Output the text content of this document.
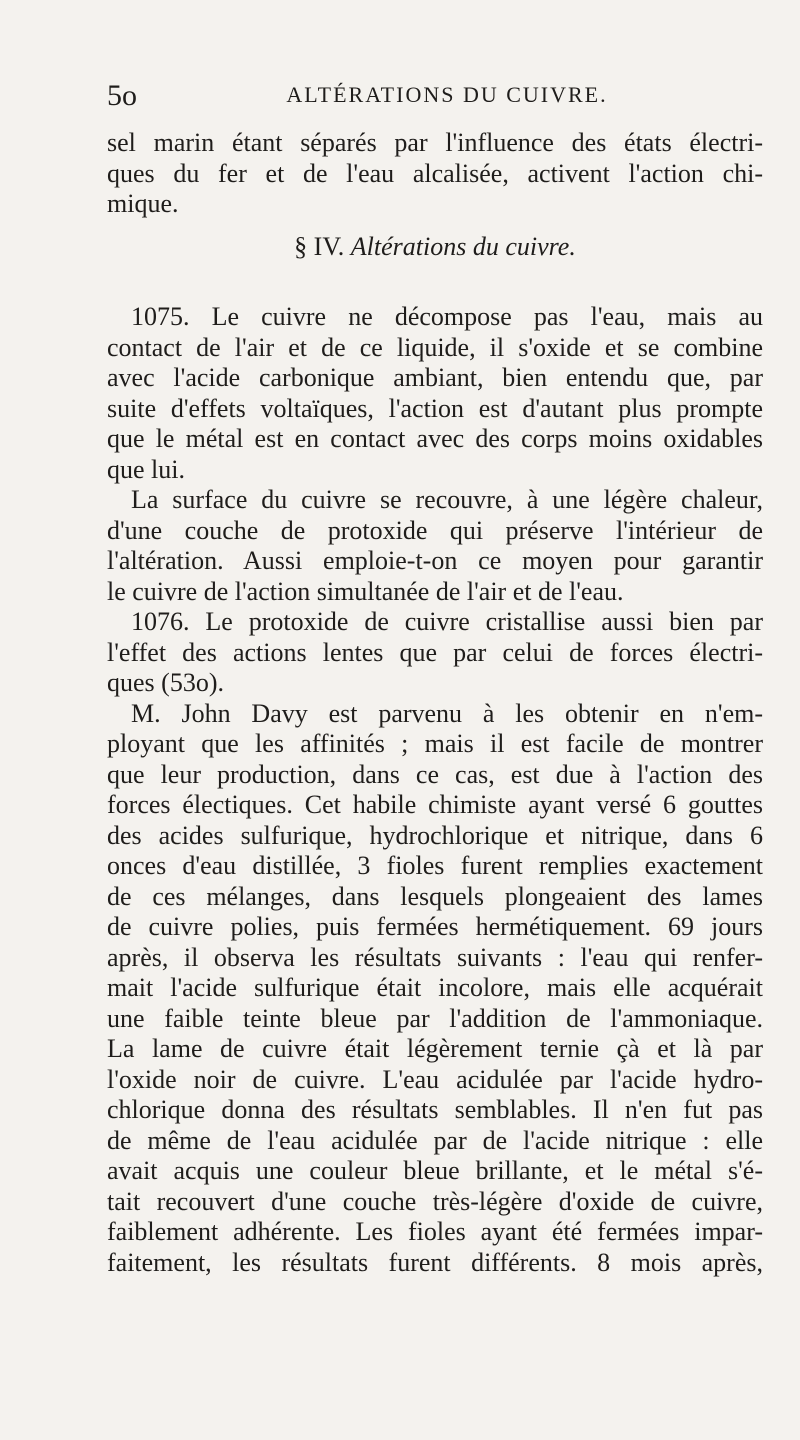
5o	ALTÉRATIONS DU CUIVRE.
sel marin étant séparés par l'influence des états électri-
ques du fer et de l'eau alcalisée, activent l'action chi-
mique.
§ IV. Altérations du cuivre.
1075. Le cuivre ne décompose pas l'eau, mais au
contact de l'air et de ce liquide, il s'oxide et se combine
avec l'acide carbonique ambiant, bien entendu que, par
suite d'effets voltaïques, l'action est d'autant plus prompte
que le métal est en contact avec des corps moins oxidables
que lui.
La surface du cuivre se recouvre, à une légère chaleur,
d'une couche de protoxide qui préserve l'intérieur de
l'altération. Aussi emploie-t-on ce moyen pour garantir
le cuivre de l'action simultanée de l'air et de l'eau.
1076. Le protoxide de cuivre cristallise aussi bien par
l'effet des actions lentes que par celui de forces électri-
ques (53o).
M. John Davy est parvenu à les obtenir en n'em-
ployant que les affinités ; mais il est facile de montrer
que leur production, dans ce cas, est due à l'action des
forces électiques. Cet habile chimiste ayant versé 6 gouttes
des acides sulfurique, hydrochlorique et nitrique, dans 6
onces d'eau distillée, 3 fioles furent remplies exactement
de ces mélanges, dans lesquels plongeaient des lames
de cuivre polies, puis fermées hermétiquement. 69 jours
après, il observa les résultats suivants : l'eau qui renfer-
mait l'acide sulfurique était incolore, mais elle acquérait
une faible teinte bleue par l'addition de l'ammoniaque.
La lame de cuivre était légèrement ternie çà et là par
l'oxide noir de cuivre. L'eau acidulée par l'acide hydro-
chlorique donna des résultats semblables. Il n'en fut pas
de même de l'eau acidulée par de l'acide nitrique : elle
avait acquis une couleur bleue brillante, et le métal s'é-
tait recouvert d'une couche très-légère d'oxide de cuivre,
faiblement adhérente. Les fioles ayant été fermées impar-
faitement, les résultats furent différents. 8 mois après,
